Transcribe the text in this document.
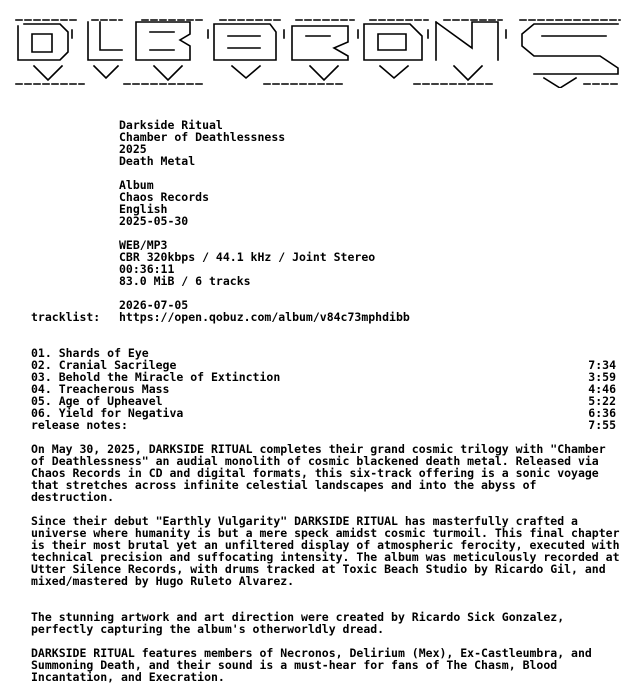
Darkside Ritual

Chamber of Deathlessness

2025

Death Metal

Album

Chaos Records

English

2025-05-30

WEB/MP3

CBR 320kbps / 44.1 kHz / Joint Stereo

00:36:11

83.0 MiB / 6 tracks

2026-07-05

https://open.qobuz.com/album/v84c73mphdibb

tracklist:

01. Shards of Eye

7:34

02. Cranial Sacrilege

3:59

03. Behold the Miracle of Extinction

4:46

04. Treacherous Mass

5:22

05. Age of Upheavel

6:36

06. Yield for Negativa

7:55

release notes:
On May 30, 2025, DARKSIDE RITUAL completes their grand cosmic trilogy with "Chamber of Deathlessness" an audial monolith of cosmic blackened death metal. Released via Chaos Records in CD and digital formats, this six-track offering is a sonic voyage that stretches across infinite celestial landscapes and into the abyss of destruction.
Since their debut "Earthly Vulgarity" DARKSIDE RITUAL has masterfully crafted a universe where humanity is but a mere speck amidst cosmic turmoil. This final chapter is their most brutal yet an unfiltered display of atmospheric ferocity, executed with technical precision and suffocating intensity. The album was meticulously recorded at Utter Silence Records, with drums tracked at Toxic Beach Studio by Ricardo Gil, and mixed/mastered by Hugo Ruleto Alvarez.
The stunning artwork and art direction were created by Ricardo Sick Gonzalez, perfectly capturing the album's otherworldly dread.
DARKSIDE RITUAL features members of Necronos, Delirium (Mex), Ex-Castleumbra, and Summoning Death, and their sound is a must-hear for fans of The Chasm, Blood Incantation, and Execration.
